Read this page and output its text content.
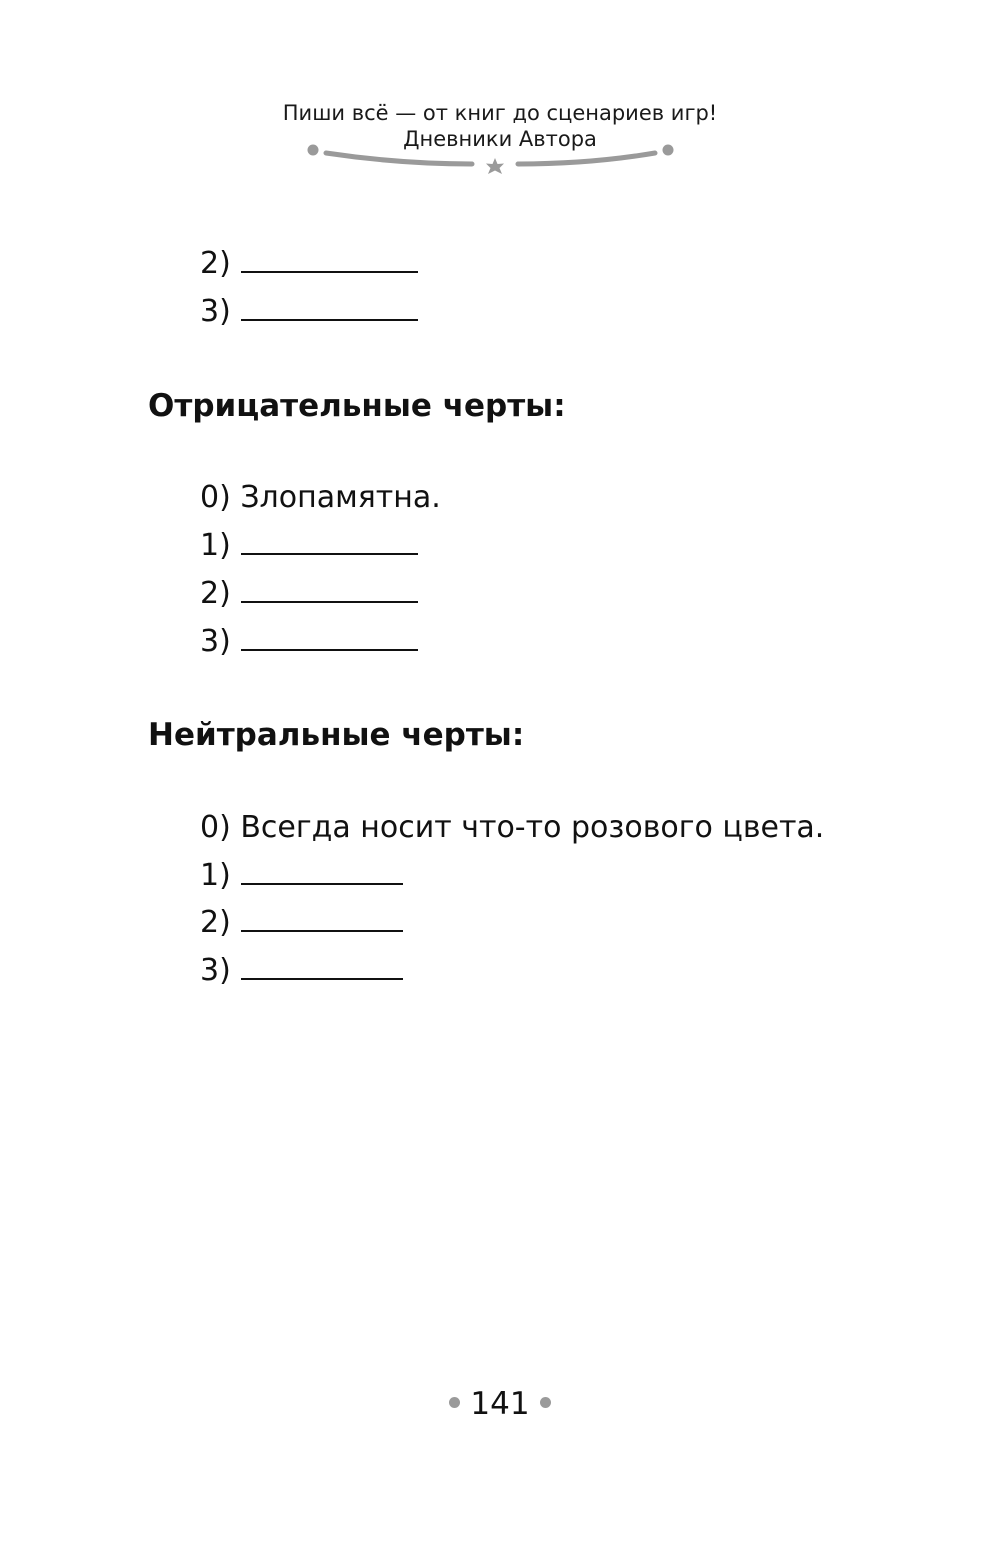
Пиши всё — от книг до сценариев игр!
Дневники Автора
2)
3)
Отрицательные черты:
0) Злопамятна.
1)
2)
3)
Нейтральные черты:
0) Всегда носит что-то розового цвета.
1)
2)
3)
141
